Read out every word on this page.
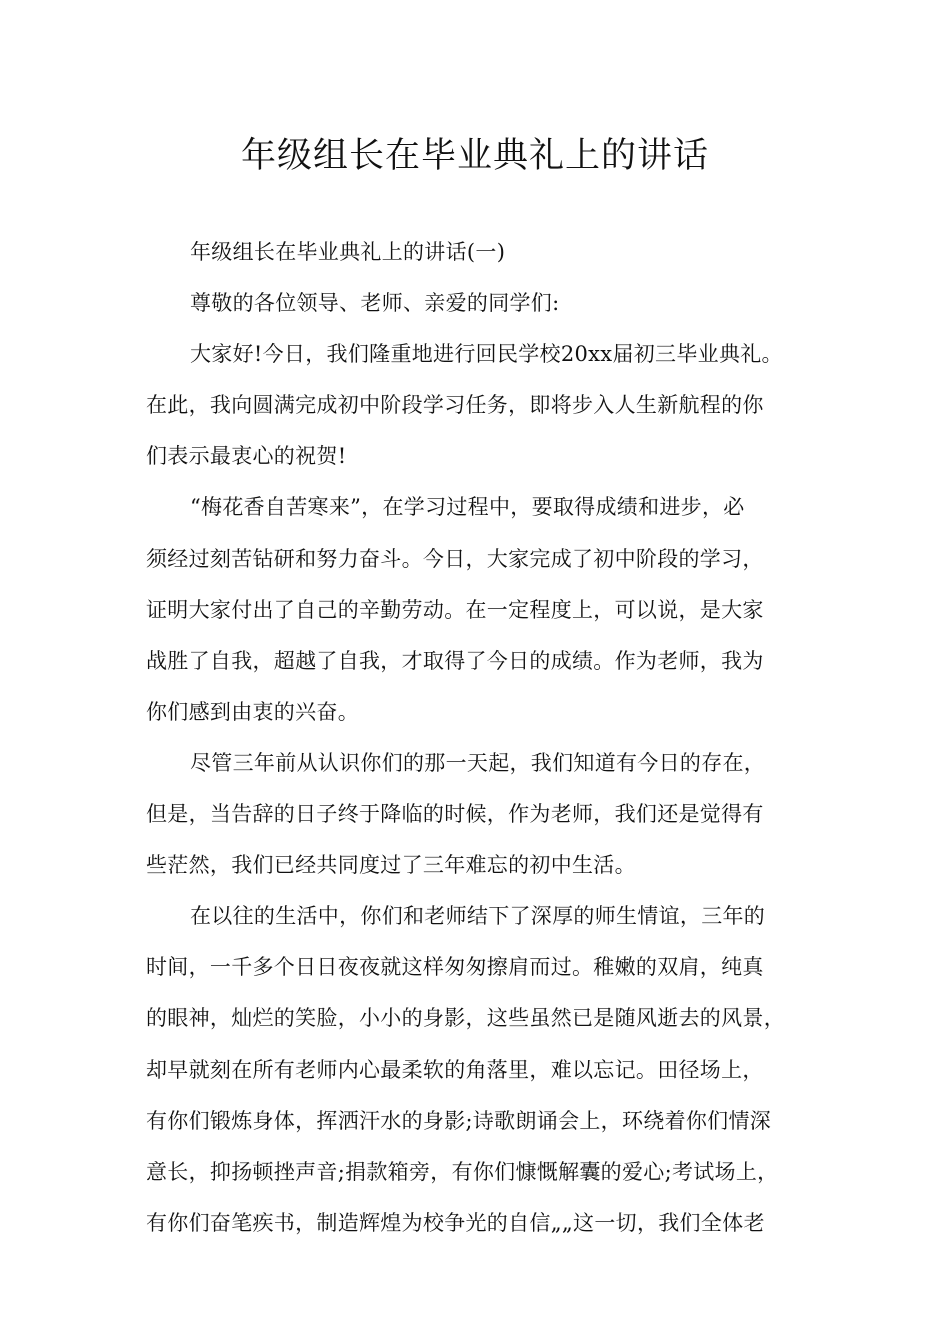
年级组长在毕业典礼上的讲话
年级组长在毕业典礼上的讲话(一)
尊敬的各位领导、老师、亲爱的同学们:
大家好!今日，我们隆重地进行回民学校20xx届初三毕业典礼。
在此，我向圆满完成初中阶段学习任务，即将步入人生新航程的你
们表示最衷心的祝贺!
“梅花香自苦寒来”，在学习过程中，要取得成绩和进步，必
须经过刻苦钻研和努力奋斗。今日，大家完成了初中阶段的学习，
证明大家付出了自己的辛勤劳动。在一定程度上，可以说，是大家
战胜了自我，超越了自我，才取得了今日的成绩。作为老师，我为
你们感到由衷的兴奋。
尽管三年前从认识你们的那一天起，我们知道有今日的存在，
但是，当告辞的日子终于降临的时候，作为老师，我们还是觉得有
些茫然，我们已经共同度过了三年难忘的初中生活。
在以往的生活中，你们和老师结下了深厚的师生情谊，三年的
时间，一千多个日日夜夜就这样匆匆擦肩而过。稚嫩的双肩，纯真
的眼神，灿烂的笑脸，小小的身影，这些虽然已是随风逝去的风景，
却早就刻在所有老师内心最柔软的角落里，难以忘记。田径场上，
有你们锻炼身体，挥洒汗水的身影;诗歌朗诵会上，环绕着你们情深
意长，抑扬顿挫声音;捐款箱旁，有你们慷慨解囊的爱心;考试场上，
有你们奋笔疾书，制造辉煌为校争光的自信„„这一切，我们全体老
